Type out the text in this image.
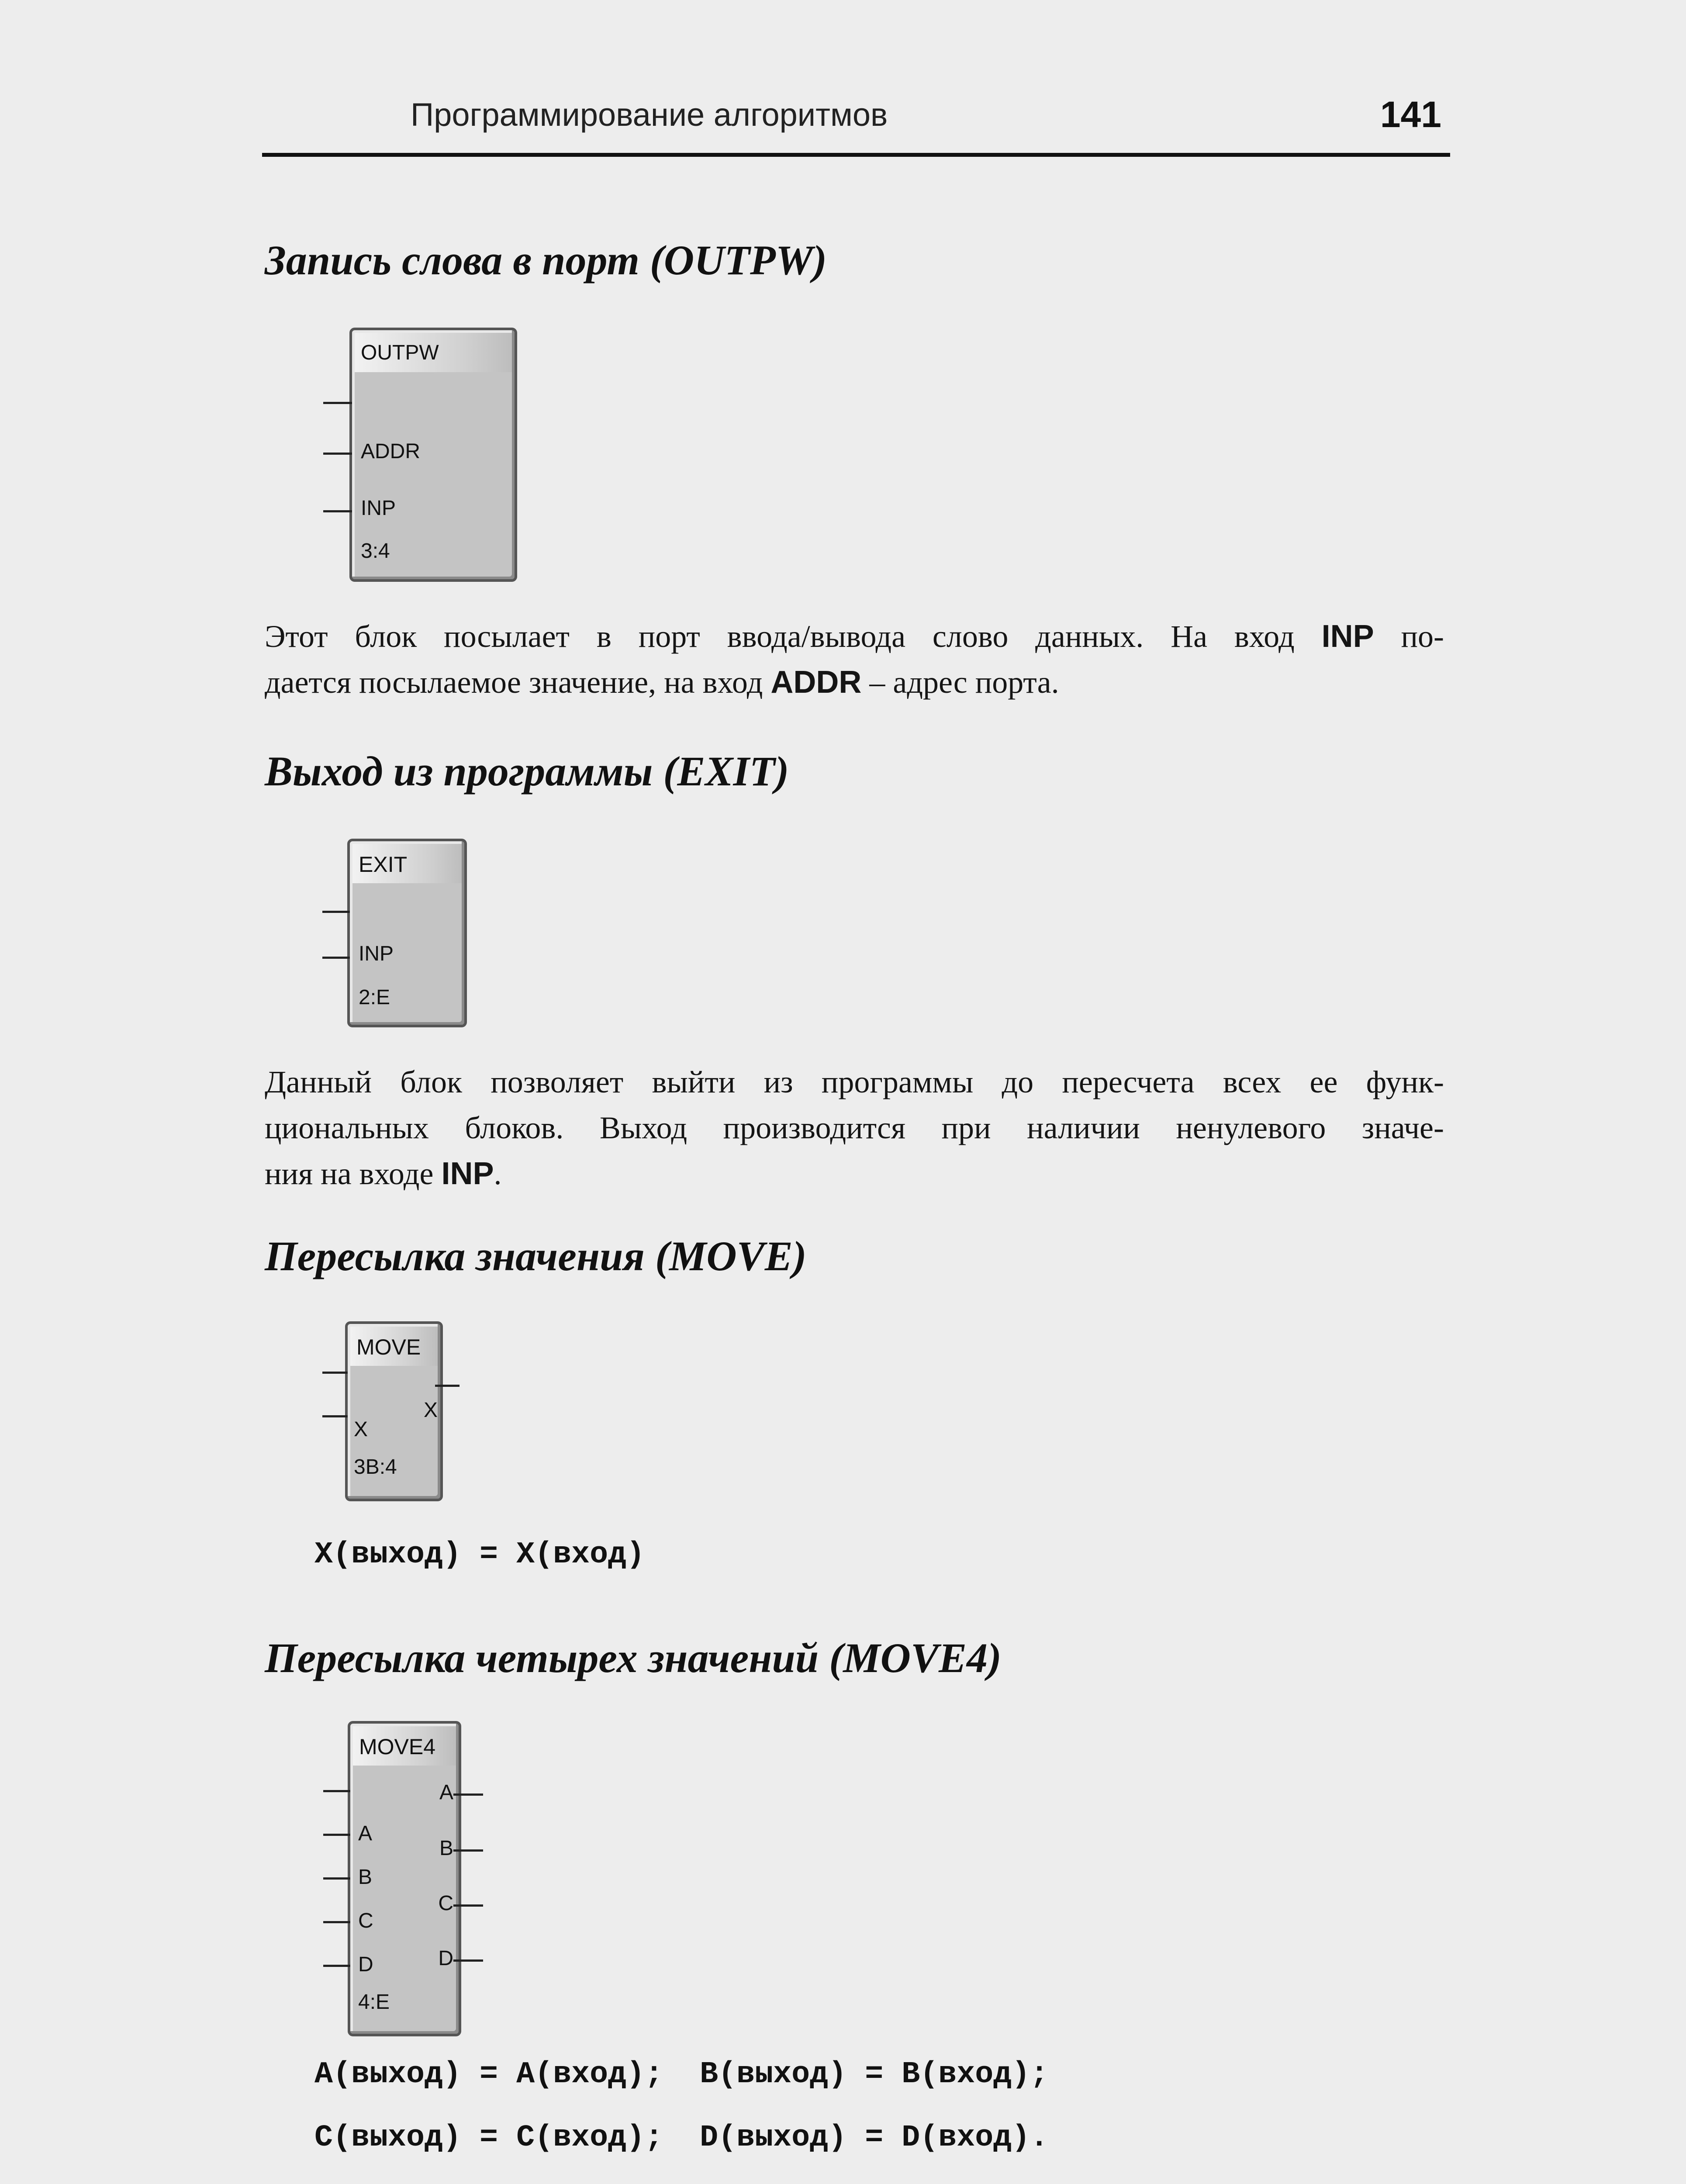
Программирование алгоритмов	141
Запись слова в порт (OUTPW)
OUTPW
ADDR
INP
3:4
Этот блок посылает в порт ввода/вывода слово данных. На вход INP по-
дается посылаемое значение, на вход ADDR – адрес порта.
Выход из программы (EXIT)
EXIT
INP
2:E
Данный блок позволяет выйти из программы до пересчета всех ее функ-
циональных блоков. Выход производится при наличии ненулевого значе-
ния на входе INP.
Пересылка значения (MOVE)
MOVE
X
X
3B:4
X(выход) = X(вход)
Пересылка четырех значений (MOVE4)
MOVE4
A
B
C
D
A
B
C
D
4:E
A(выход) = A(вход);  B(выход) = B(вход);
C(выход) = C(вход);  D(выход) = D(вход).
